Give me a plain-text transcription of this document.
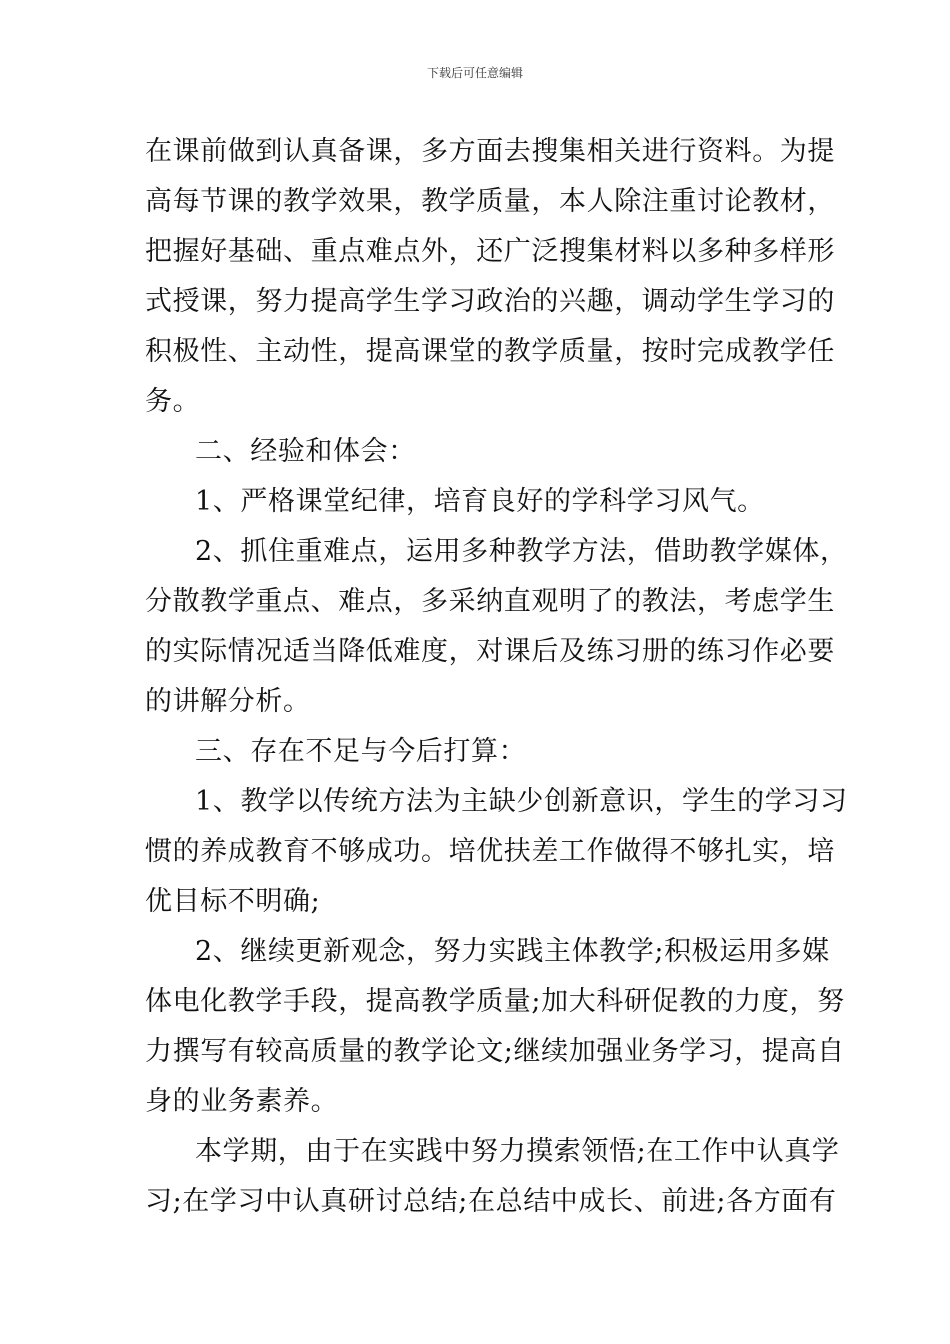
下载后可任意编辑
在课前做到认真备课，多方面去搜集相关进行资料。为提
高每节课的教学效果，教学质量，本人除注重讨论教材，
把握好基础、重点难点外，还广泛搜集材料以多种多样形
式授课，努力提高学生学习政治的兴趣，调动学生学习的
积极性、主动性，提高课堂的教学质量，按时完成教学任
务。
二、经验和体会：
1、严格课堂纪律，培育良好的学科学习风气。
2、抓住重难点，运用多种教学方法，借助教学媒体，
分散教学重点、难点，多采纳直观明了的教法，考虑学生
的实际情况适当降低难度，对课后及练习册的练习作必要
的讲解分析。
三、存在不足与今后打算：
1、教学以传统方法为主缺少创新意识，学生的学习习
惯的养成教育不够成功。培优扶差工作做得不够扎实，培
优目标不明确;
2、继续更新观念，努力实践主体教学;积极运用多媒
体电化教学手段，提高教学质量;加大科研促教的力度，努
力撰写有较高质量的教学论文;继续加强业务学习，提高自
身的业务素养。
本学期，由于在实践中努力摸索领悟;在工作中认真学
习;在学习中认真研讨总结;在总结中成长、前进;各方面有
